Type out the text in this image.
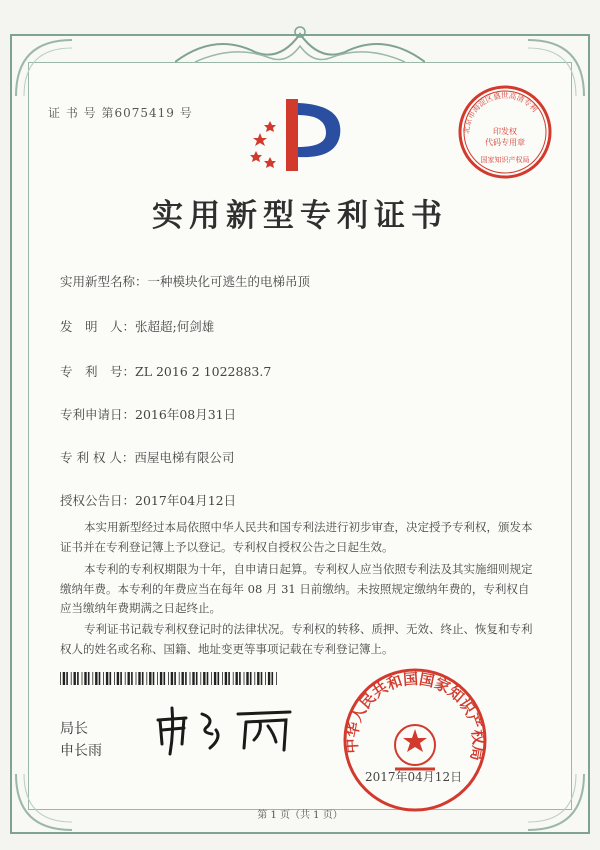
证 书 号 第6075419 号
北京市海淀区盛世高清专利
印发权
代码专用章
国家知识产权局
实用新型专利证书
实用新型名称：一种模块化可逃生的电梯吊顶
发　明　人：张超超;何剑雄
专　利　号：ZL 2016 2 1022883.7
专利申请日：2016年08月31日
专 利 权 人：西屋电梯有限公司
授权公告日：2017年04月12日
本实用新型经过本局依照中华人民共和国专利法进行初步审查，决定授予专利权，颁发本证书并在专利登记簿上予以登记。专利权自授权公告之日起生效。
本专利的专利权期限为十年，自申请日起算。专利权人应当依照专利法及其实施细则规定缴纳年费。本专利的年费应当在每年 08 月 31 日前缴纳。未按照规定缴纳年费的，专利权自应当缴纳年费期满之日起终止。
专利证书记载专利权登记时的法律状况。专利权的转移、质押、无效、终止、恢复和专利权人的姓名或名称、国籍、地址变更等事项记载在专利登记簿上。
局长
申长雨	中华人民共和国国家知识产权局
2017年04月12日
第 1 页（共 1 页）
